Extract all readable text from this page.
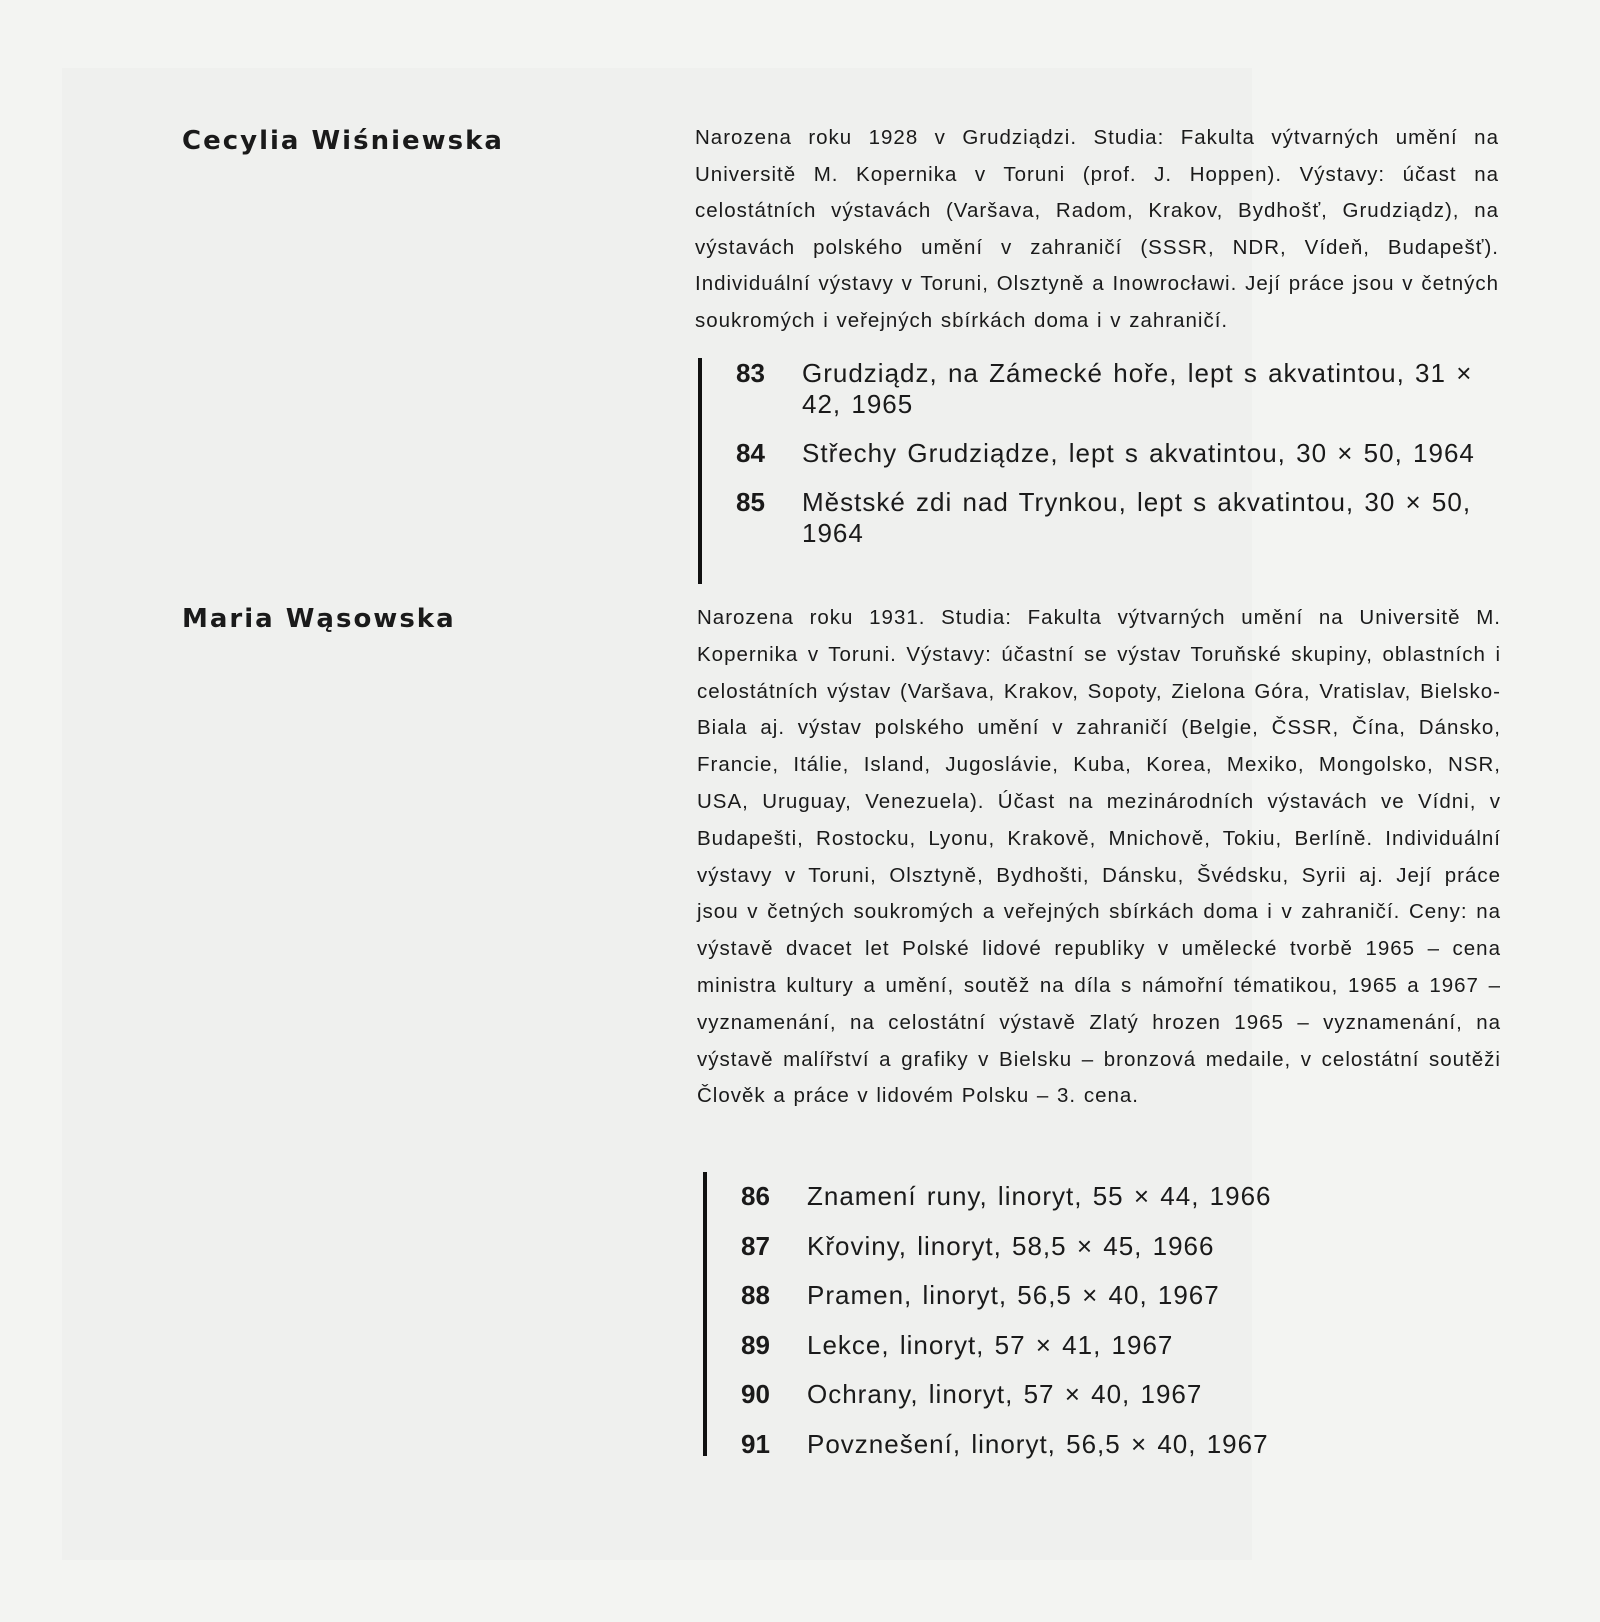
Cecylia Wiśniewska	Narozena roku 1928 v Grudziądzi. Studia: Fakulta výtvarných umění na Universitě M. Kopernika v Toruni (prof. J. Hoppen). Výstavy: účast na celostátních výstavách (Varšava, Radom, Krakov, Bydhošť, Grudziądz), na výstavách polského umění v zahraničí (SSSR, NDR, Vídeň, Budapešť). Individuální výstavy v Toruni, Olsztyně a Inowrocławi. Její práce jsou v četných soukromých i veřejných sbírkách doma i v zahraničí.

83	Grudziądz, na Zámecké hoře, lept s akvatintou, 31 × 42, 1965
84	Střechy Grudziądze, lept s akvatintou, 30 × 50, 1964
85	Městské zdi nad Trynkou, lept s akvatintou, 30 × 50, 1964
Maria Wąsowska	Narozena roku 1931. Studia: Fakulta výtvarných umění na Universitě M. Kopernika v Toruni. Výstavy: účastní se výstav Toruňské skupiny, oblastních i celostátních výstav (Varšava, Krakov, Sopoty, Zielona Góra, Vratislav, Bielsko-Biala aj. výstav polského umění v zahraničí (Belgie, ČSSR, Čína, Dánsko, Francie, Itálie, Island, Jugoslávie, Kuba, Korea, Mexiko, Mongolsko, NSR, USA, Uruguay, Venezuela). Účast na mezinárodních výstavách ve Vídni, v Budapešti, Rostocku, Lyonu, Krakově, Mnichově, Tokiu, Berlíně. Individuální výstavy v Toruni, Olsztyně, Bydhošti, Dánsku, Švédsku, Syrii aj. Její práce jsou v četných soukromých a veřejných sbírkách doma i v zahraničí. Ceny: na výstavě dvacet let Polské lidové republiky v umělecké tvorbě 1965 – cena ministra kultury a umění, soutěž na díla s námořní tématikou, 1965 a 1967 – vyznamenání, na celostátní výstavě Zlatý hrozen 1965 – vyznamenání, na výstavě malířství a grafiky v Bielsku – bronzová medaile, v celostátní soutěži Člověk a práce v lidovém Polsku – 3. cena.

86	Znamení runy, linoryt, 55 × 44, 1966
87	Křoviny, linoryt, 58,5 × 45, 1966
88	Pramen, linoryt, 56,5 × 40, 1967
89	Lekce, linoryt, 57 × 41, 1967
90	Ochrany, linoryt, 57 × 40, 1967
91	Povznešení, linoryt, 56,5 × 40, 1967
